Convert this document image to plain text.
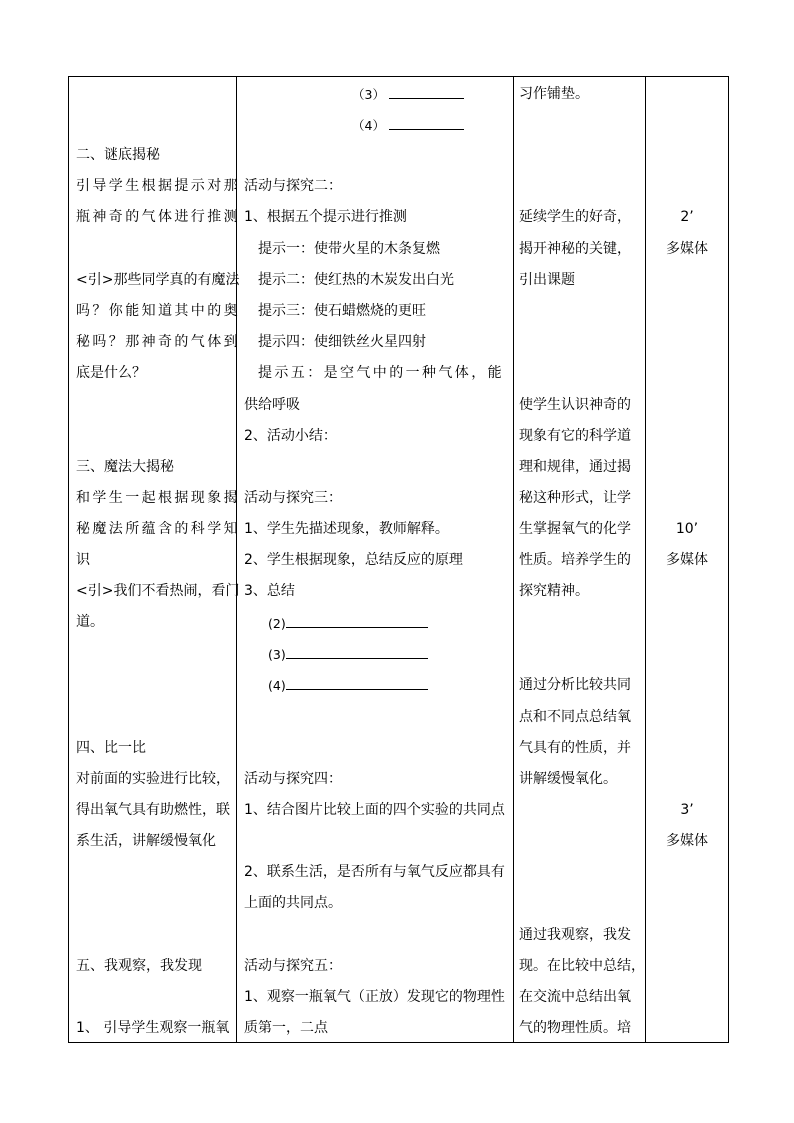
二、谜底揭秘
引导学生根据提示对那
瓶神奇的气体进行推测
<引>那些同学真的有魔法
吗？你能知道其中的奥
秘吗？那神奇的气体到
底是什么？
三、魔法大揭秘
和学生一起根据现象揭
秘魔法所蕴含的科学知
识
<引>我们不看热闹，看门
道。
四、比一比
对前面的实验进行比较，
得出氧气具有助燃性，联
系生活，讲解缓慢氧化
五、我观察，我发现
1、 引导学生观察一瓶氧
（3）
（4）
活动与探究二：
1、根据五个提示进行推测
提示一：使带火星的木条复燃
提示二：使红热的木炭发出白光
提示三：使石蜡燃烧的更旺
提示四：使细铁丝火星四射
提示五：是空气中的一种气体，能
供给呼吸
2、活动小结：
活动与探究三：
1、学生先描述现象，教师解释。
2、学生根据现象，总结反应的原理
3、总结
(2)
(3)
(4)
活动与探究四：
1、结合图片比较上面的四个实验的共同点
2、联系生活，是否所有与氧气反应都具有
上面的共同点。
活动与探究五：
1、观察一瓶氧气（正放）发现它的物理性
质第一，二点
习作铺垫。
延续学生的好奇，
揭开神秘的关键，
引出课题
使学生认识神奇的
现象有它的科学道
理和规律，通过揭
秘这种形式，让学
生掌握氧气的化学
性质。培养学生的
探究精神。
通过分析比较共同
点和不同点总结氧
气具有的性质，并
讲解缓慢氧化。
通过我观察，我发
现。在比较中总结，
在交流中总结出氧
气的物理性质。培
2’
多媒体
10’
多媒体
3’
多媒体
